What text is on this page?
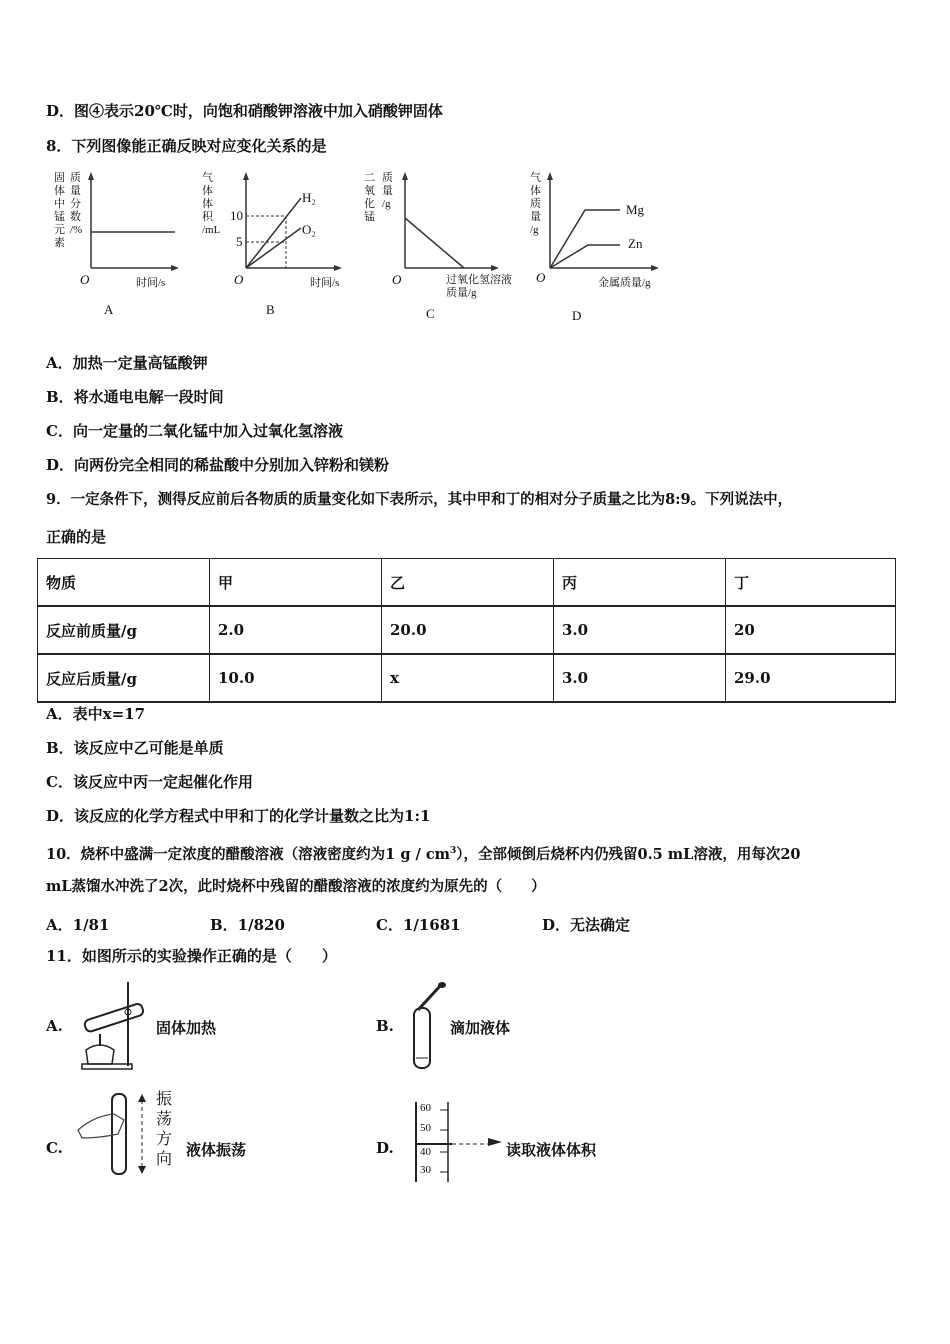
D．图④表示20℃时，向饱和硝酸钾溶液中加入硝酸钾固体
8．下列图像能正确反映对应变化关系的是
固
体
中
锰
元
素
质
量
分
数
/%
O	时间/s
A
气
体
体
积
/mL
10
5
H₂
O₂
O	时间/s
B
二
氧
化
锰
质
量
/g
O	过氧化氢溶液质量/g
C
气
体
质
量
/g
Mg
Zn
O	金属质量/g
D
A．加热一定量高锰酸钾
B．将水通电电解一段时间
C．向一定量的二氧化锰中加入过氧化氢溶液
D．向两份完全相同的稀盐酸中分别加入锌粉和镁粉
9．一定条件下，测得反应前后各物质的质量变化如下表所示，其中甲和丁的相对分子质量之比为8:9。下列说法中，
正确的是
物质	甲	乙	丙	丁
反应前质量/g	2.0	20.0	3.0	20
反应后质量/g	10.0	x	3.0	29.0
A．表中x=17
B．该反应中乙可能是单质
C．该反应中丙一定起催化作用
D．该反应的化学方程式中甲和丁的化学计量数之比为1:1
10．烧杯中盛满一定浓度的醋酸溶液（溶液密度约为1 g / $cm^3$），全部倾倒后烧杯内仍残留0.5 mL溶液，用每次20
mL蒸馏水冲洗了2次，此时烧杯中残留的醋酸溶液的浓度约为原先的（　　）
A．1/81	B．1/820	C．1/1681	D．无法确定
11．如图所示的实验操作正确的是（　　）
A.	固体加热	B.	滴加液体
C.
振
荡
方
向
液体振荡	D.
60
50
40
30
读取液体体积
